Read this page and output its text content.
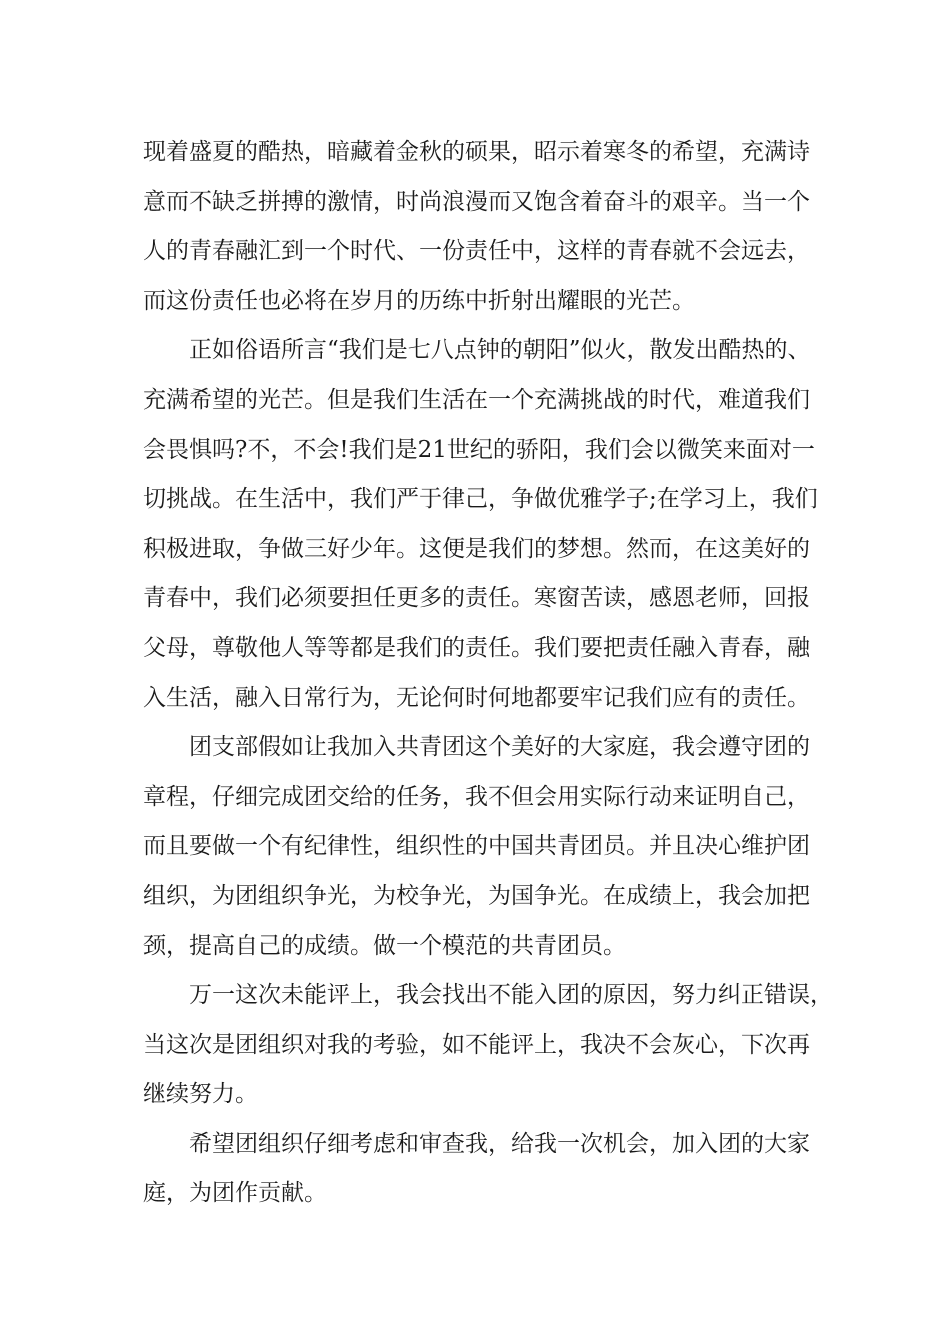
现着盛夏的酷热，暗藏着金秋的硕果，昭示着寒冬的希望，充满诗
意而不缺乏拼搏的激情，时尚浪漫而又饱含着奋斗的艰辛。当一个
人的青春融汇到一个时代、一份责任中，这样的青春就不会远去，
而这份责任也必将在岁月的历练中折射出耀眼的光芒。
　　正如俗语所言“我们是七八点钟的朝阳”似火，散发出酷热的、
充满希望的光芒。但是我们生活在一个充满挑战的时代，难道我们
会畏惧吗?不，不会!我们是21世纪的骄阳，我们会以微笑来面对一
切挑战。在生活中，我们严于律己，争做优雅学子;在学习上，我们
积极进取，争做三好少年。这便是我们的梦想。然而，在这美好的
青春中，我们必须要担任更多的责任。寒窗苦读，感恩老师，回报
父母，尊敬他人等等都是我们的责任。我们要把责任融入青春，融
入生活，融入日常行为，无论何时何地都要牢记我们应有的责任。
　　团支部假如让我加入共青团这个美好的大家庭，我会遵守团的
章程，仔细完成团交给的任务，我不但会用实际行动来证明自己，
而且要做一个有纪律性，组织性的中国共青团员。并且决心维护团
组织，为团组织争光，为校争光，为国争光。在成绩上，我会加把
颈，提高自己的成绩。做一个模范的共青团员。
　　万一这次未能评上，我会找出不能入团的原因，努力纠正错误，
当这次是团组织对我的考验，如不能评上，我决不会灰心，下次再
继续努力。
　　希望团组织仔细考虑和审查我，给我一次机会，加入团的大家
庭，为团作贡献。
